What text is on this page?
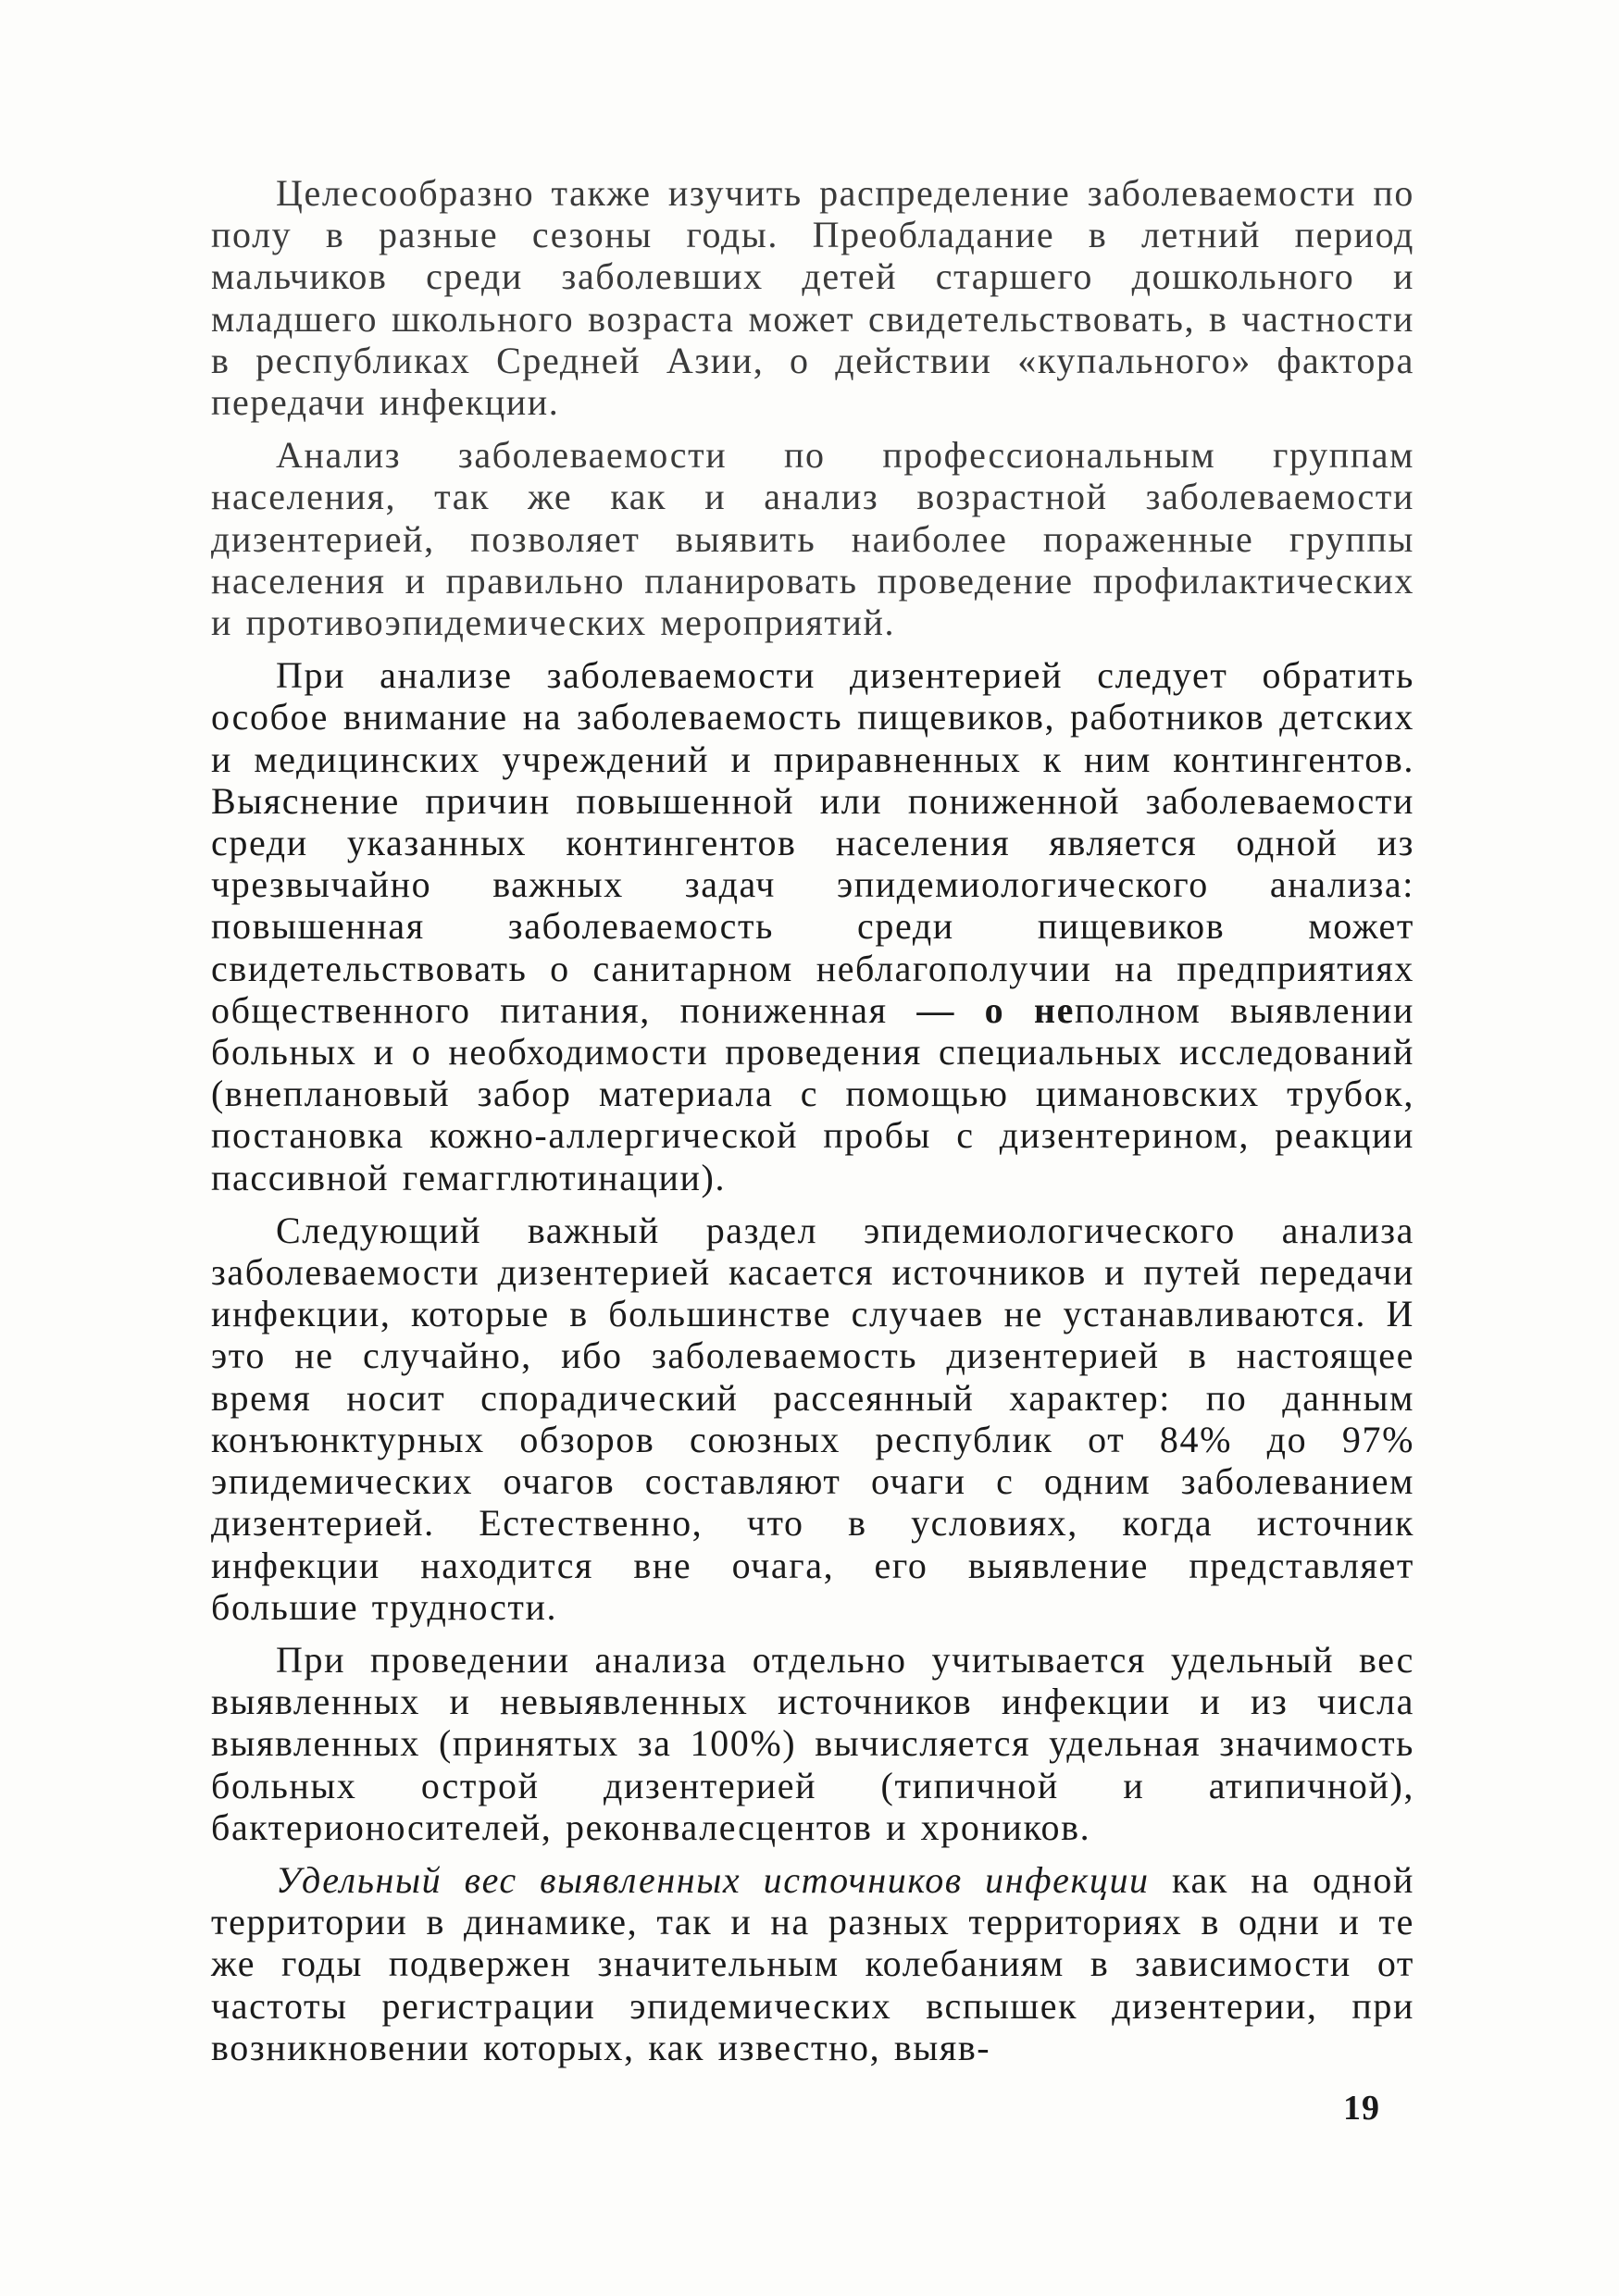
Целесообразно также изучить распределение заболеваемости по полу в разные сезоны годы. Преобладание в летний период мальчиков среди заболевших детей старшего дошкольного и младшего школьного возраста может свидетельствовать, в частности в республиках Средней Азии, о действии «купального» фактора передачи инфекции.

Анализ заболеваемости по профессиональным группам населения, так же как и анализ возрастной заболеваемости дизентерией, позволяет выявить наиболее пораженные группы населения и правильно планировать проведение профилактических и противоэпидемических мероприятий.

При анализе заболеваемости дизентерией следует обратить особое внимание на заболеваемость пищевиков, работников детских и медицинских учреждений и приравненных к ним контингентов. Выяснение причин повышенной или пониженной заболеваемости среди указанных контингентов населения является одной из чрезвычайно важных задач эпидемиологического анализа: повышенная заболеваемость среди пищевиков может свидетельствовать о санитарном неблагополучии на предприятиях общественного питания, пониженная — о неполном выявлении больных и о необходимости проведения специальных исследований (внеплановый забор материала с помощью цимановских трубок, постановка кожно-аллергической пробы с дизентерином, реакции пассивной гемагглютинации).

Следующий важный раздел эпидемиологического анализа заболеваемости дизентерией касается источников и путей передачи инфекции, которые в большинстве случаев не устанавливаются. И это не случайно, ибо заболеваемость дизентерией в настоящее время носит спорадический рассеянный характер: по данным конъюнктурных обзоров союзных республик от 84% до 97% эпидемических очагов составляют очаги с одним заболеванием дизентерией. Естественно, что в условиях, когда источник инфекции находится вне очага, его выявление представляет большие трудности.

При проведении анализа отдельно учитывается удельный вес выявленных и невыявленных источников инфекции и из числа выявленных (принятых за 100%) вычисляется удельная значимость больных острой дизентерией (типичной и атипичной), бактерионосителей, реконвалесцентов и хроников.

Удельный вес выявленных источников инфекции как на одной территории в динамике, так и на разных территориях в одни и те же годы подвержен значительным колебаниям в зависимости от частоты регистрации эпидемических вспышек дизентерии, при возникновении которых, как известно, выяв-

19
